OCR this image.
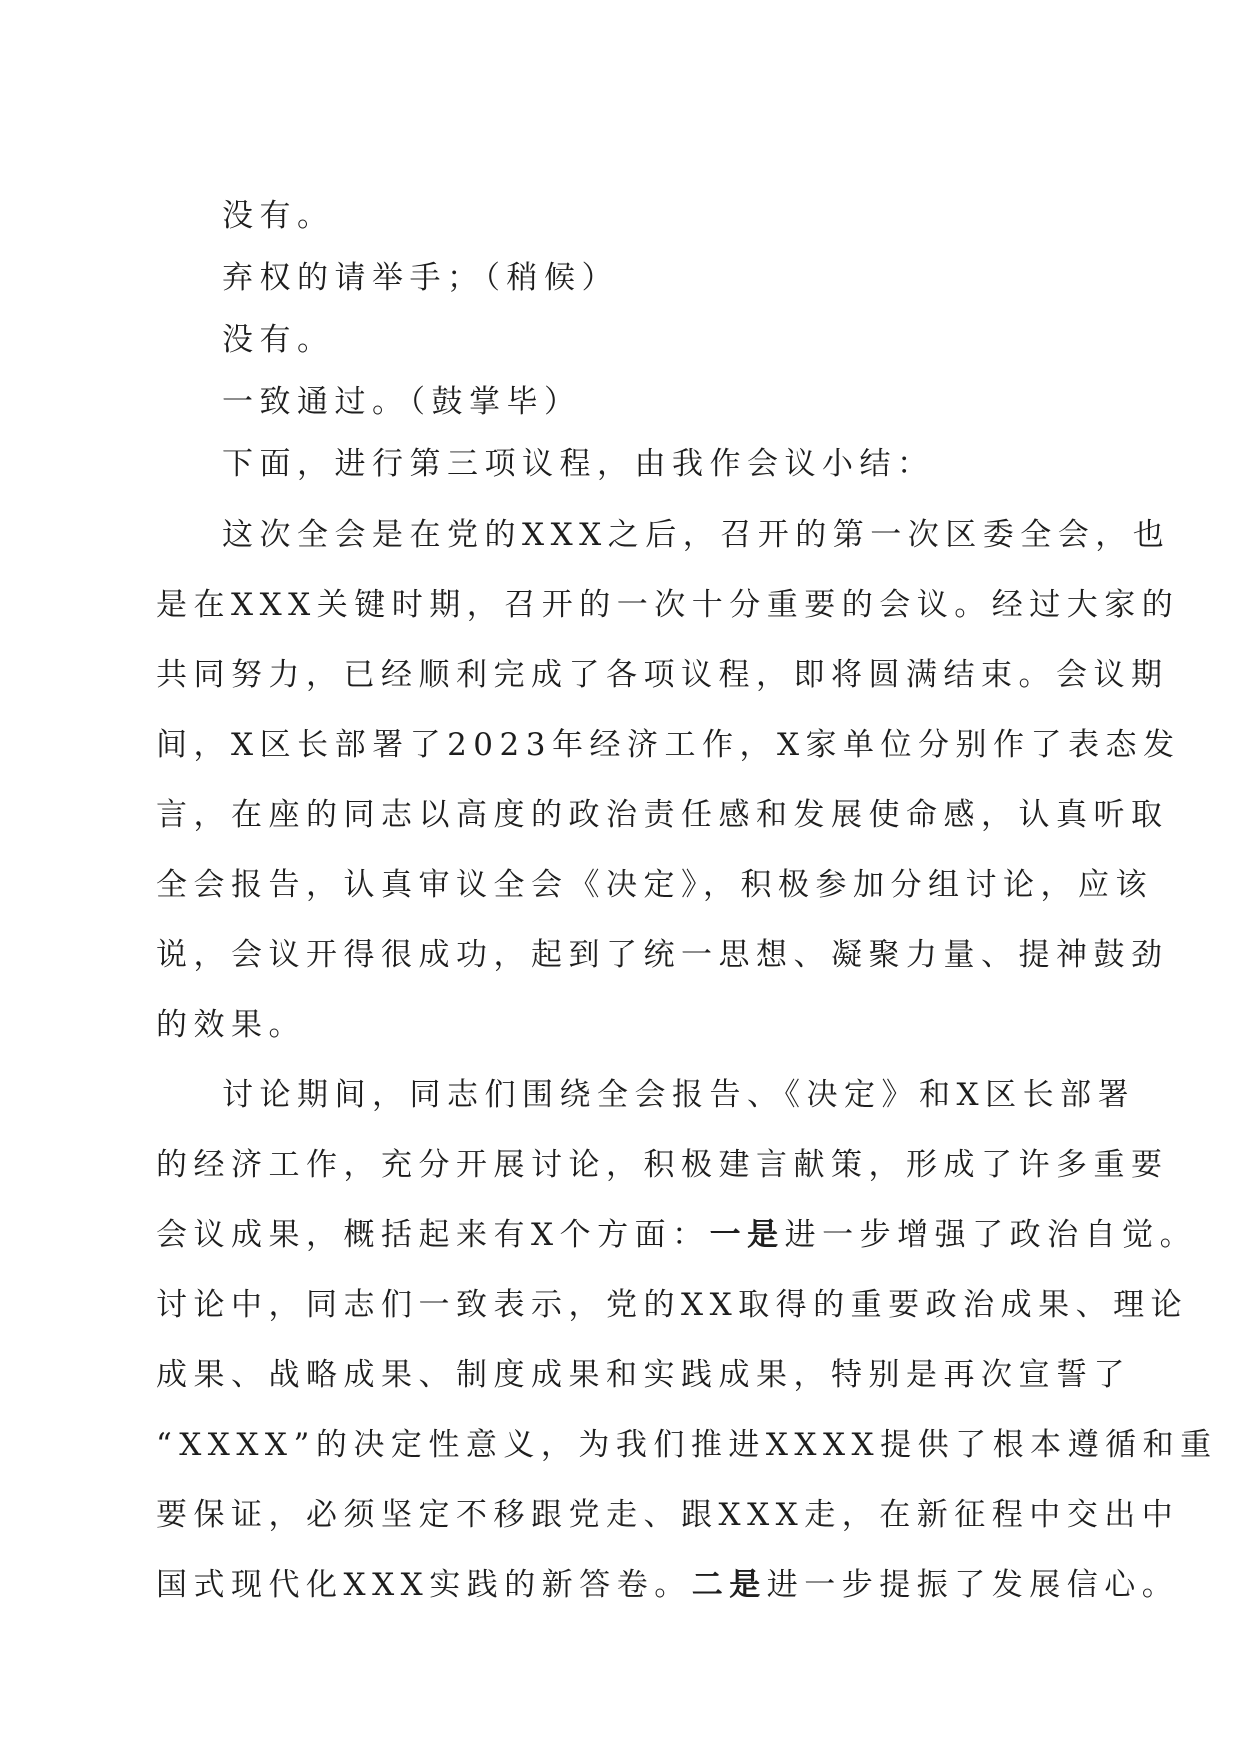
没有。
弃权的请举手；（稍候）
没有。
一致通过。（鼓掌毕）
下面，进行第三项议程，由我作会议小结：
这次全会是在党的XXX之后，召开的第一次区委全会，也
是在XXX关键时期，召开的一次十分重要的会议。经过大家的
共同努力，已经顺利完成了各项议程，即将圆满结束。会议期
间，X区长部署了2023年经济工作，X家单位分别作了表态发
言，在座的同志以高度的政治责任感和发展使命感，认真听取
全会报告，认真审议全会《决定》，积极参加分组讨论，应该
说，会议开得很成功，起到了统一思想、凝聚力量、提神鼓劲
的效果。
讨论期间，同志们围绕全会报告、《决定》和X区长部署
的经济工作，充分开展讨论，积极建言献策，形成了许多重要
会议成果，概括起来有X个方面：一是进一步增强了政治自觉。
讨论中，同志们一致表示，党的XX取得的重要政治成果、理论
成果、战略成果、制度成果和实践成果，特别是再次宣誓了
“XXXX”的决定性意义，为我们推进XXXX提供了根本遵循和重
要保证，必须坚定不移跟党走、跟XXX走，在新征程中交出中
国式现代化XXX实践的新答卷。二是进一步提振了发展信心。
